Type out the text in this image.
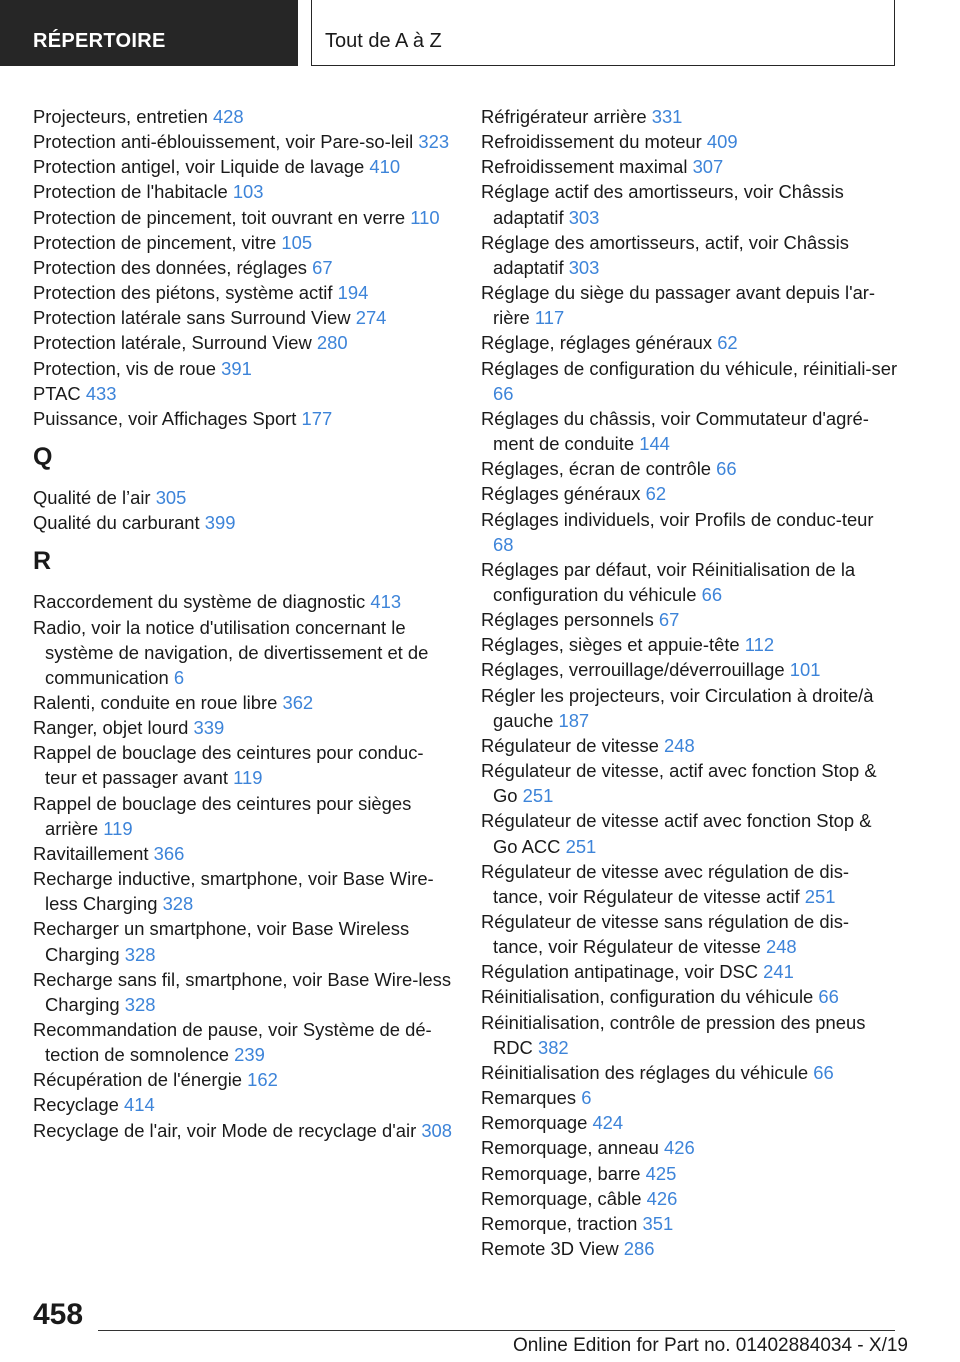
RÉPERTOIRE	Tout de A à Z
Projecteurs, entretien 428
Protection anti-éblouissement, voir Pare-so-leil 323
Protection antigel, voir Liquide de lavage 410
Protection de l'habitacle 103
Protection de pincement, toit ouvrant en verre 110
Protection de pincement, vitre 105
Protection des données, réglages 67
Protection des piétons, système actif 194
Protection latérale sans Surround View 274
Protection latérale, Surround View 280
Protection, vis de roue 391
PTAC 433
Puissance, voir Affichages Sport 177
Q
Qualité de l’air 305
Qualité du carburant 399
R
Raccordement du système de diagnostic 413
Radio, voir la notice d'utilisation concernant le système de navigation, de divertissement et de communication 6
Ralenti, conduite en roue libre 362
Ranger, objet lourd 339
Rappel de bouclage des ceintures pour conduc-teur et passager avant 119
Rappel de bouclage des ceintures pour sièges arrière 119
Ravitaillement 366
Recharge inductive, smartphone, voir Base Wire-less Charging 328
Recharger un smartphone, voir Base Wireless Charging 328
Recharge sans fil, smartphone, voir Base Wire-less Charging 328
Recommandation de pause, voir Système de dé-tection de somnolence 239
Récupération de l'énergie 162
Recyclage 414
Recyclage de l'air, voir Mode de recyclage d'air 308
Réfrigérateur arrière 331
Refroidissement du moteur 409
Refroidissement maximal 307
Réglage actif des amortisseurs, voir Châssis adaptatif 303
Réglage des amortisseurs, actif, voir Châssis adaptatif 303
Réglage du siège du passager avant depuis l'ar-rière 117
Réglage, réglages généraux 62
Réglages de configuration du véhicule, réinitiali-ser 66
Réglages du châssis, voir Commutateur d'agré-ment de conduite 144
Réglages, écran de contrôle 66
Réglages généraux 62
Réglages individuels, voir Profils de conduc-teur 68
Réglages par défaut, voir Réinitialisation de la configuration du véhicule 66
Réglages personnels 67
Réglages, sièges et appuie-tête 112
Réglages, verrouillage/déverrouillage 101
Régler les projecteurs, voir Circulation à droite/à gauche 187
Régulateur de vitesse 248
Régulateur de vitesse, actif avec fonction Stop & Go 251
Régulateur de vitesse actif avec fonction Stop & Go ACC 251
Régulateur de vitesse avec régulation de dis-tance, voir Régulateur de vitesse actif 251
Régulateur de vitesse sans régulation de dis-tance, voir Régulateur de vitesse 248
Régulation antipatinage, voir DSC 241
Réinitialisation, configuration du véhicule 66
Réinitialisation, contrôle de pression des pneus RDC 382
Réinitialisation des réglages du véhicule 66
Remarques 6
Remorquage 424
Remorquage, anneau 426
Remorquage, barre 425
Remorquage, câble 426
Remorque, traction 351
Remote 3D View 286
458
Online Edition for Part no. 01402884034 - X/19
